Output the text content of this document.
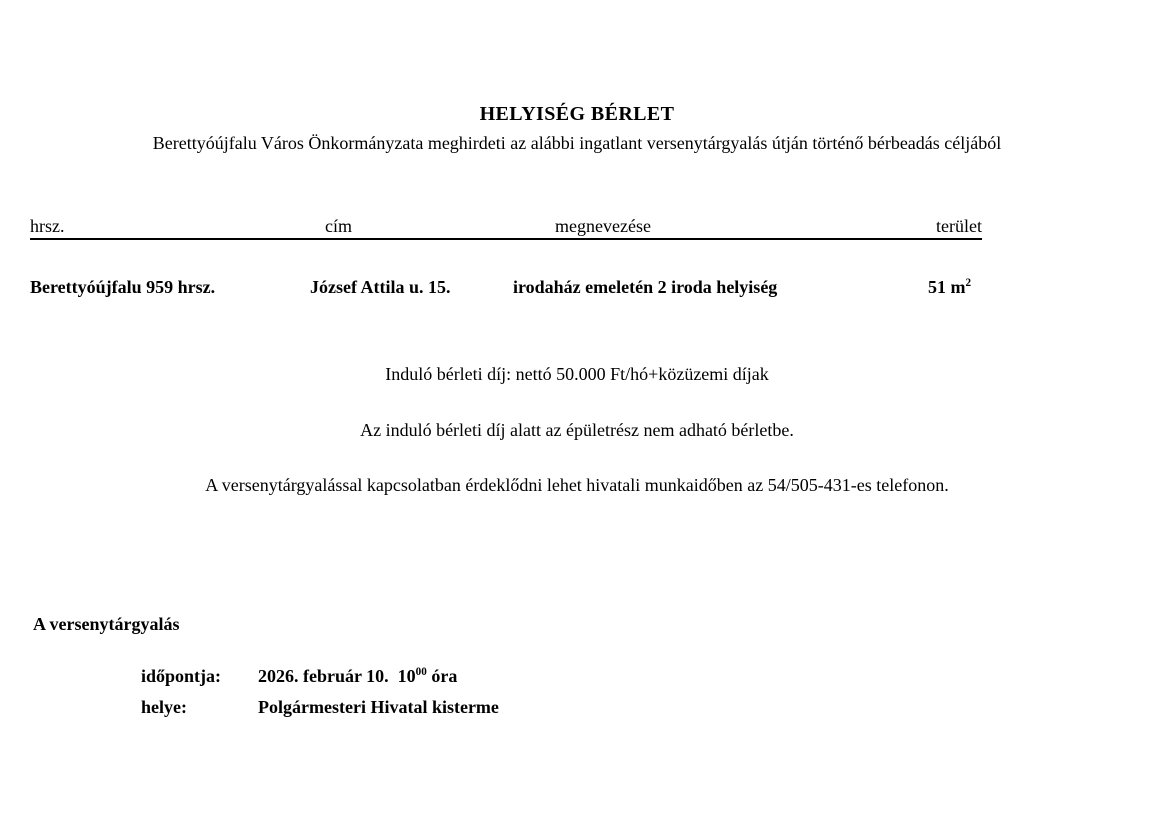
HELYISÉG BÉRLET
Berettyóújfalu Város Önkormányzata meghirdeti az alábbi ingatlant versenytárgyalás útján történő bérbeadás céljából
hrsz.	cím	megnevezése	terület
Berettyóújfalu 959 hrsz.	József Attila u. 15.	irodaház emeletén 2 iroda helyiség	51 $m^2$
Induló bérleti díj: nettó 50.000 Ft/hó+közüzemi díjak
Az induló bérleti díj alatt az épületrész nem adható bérletbe.
A versenytárgyalással kapcsolatban érdeklődni lehet hivatali munkaidőben az 54/505-431-es telefonon.
A versenytárgyalás

időpontja: 2026. február 10.  $10^{00}$ óra

helye:	Polgármesteri Hivatal kisterme
